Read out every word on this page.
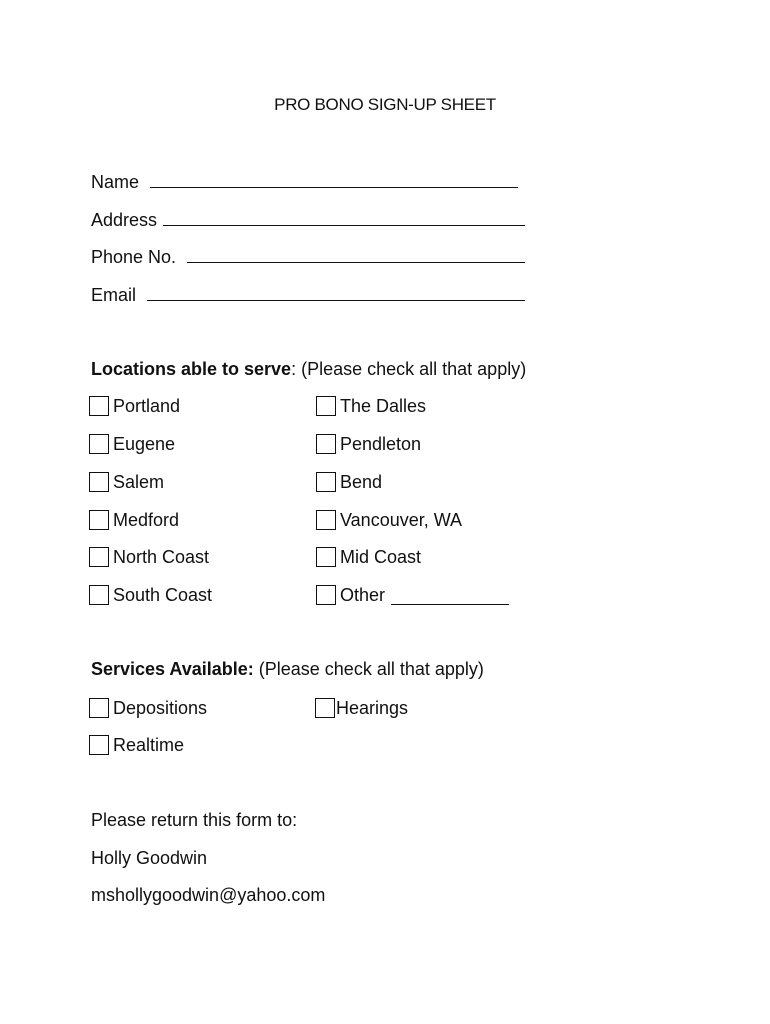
PRO BONO SIGN-UP SHEET
Name
Address
Phone No.
Email
Locations able to serve: (Please check all that apply)
Portland
Eugene
Salem
Medford
North Coast
South Coast
The Dalles
Pendleton
Bend
Vancouver, WA
Mid Coast
Other
Services Available: (Please check all that apply)
Depositions	Hearings
Realtime
Please return this form to:
Holly Goodwin
mshollygoodwin@yahoo.com
